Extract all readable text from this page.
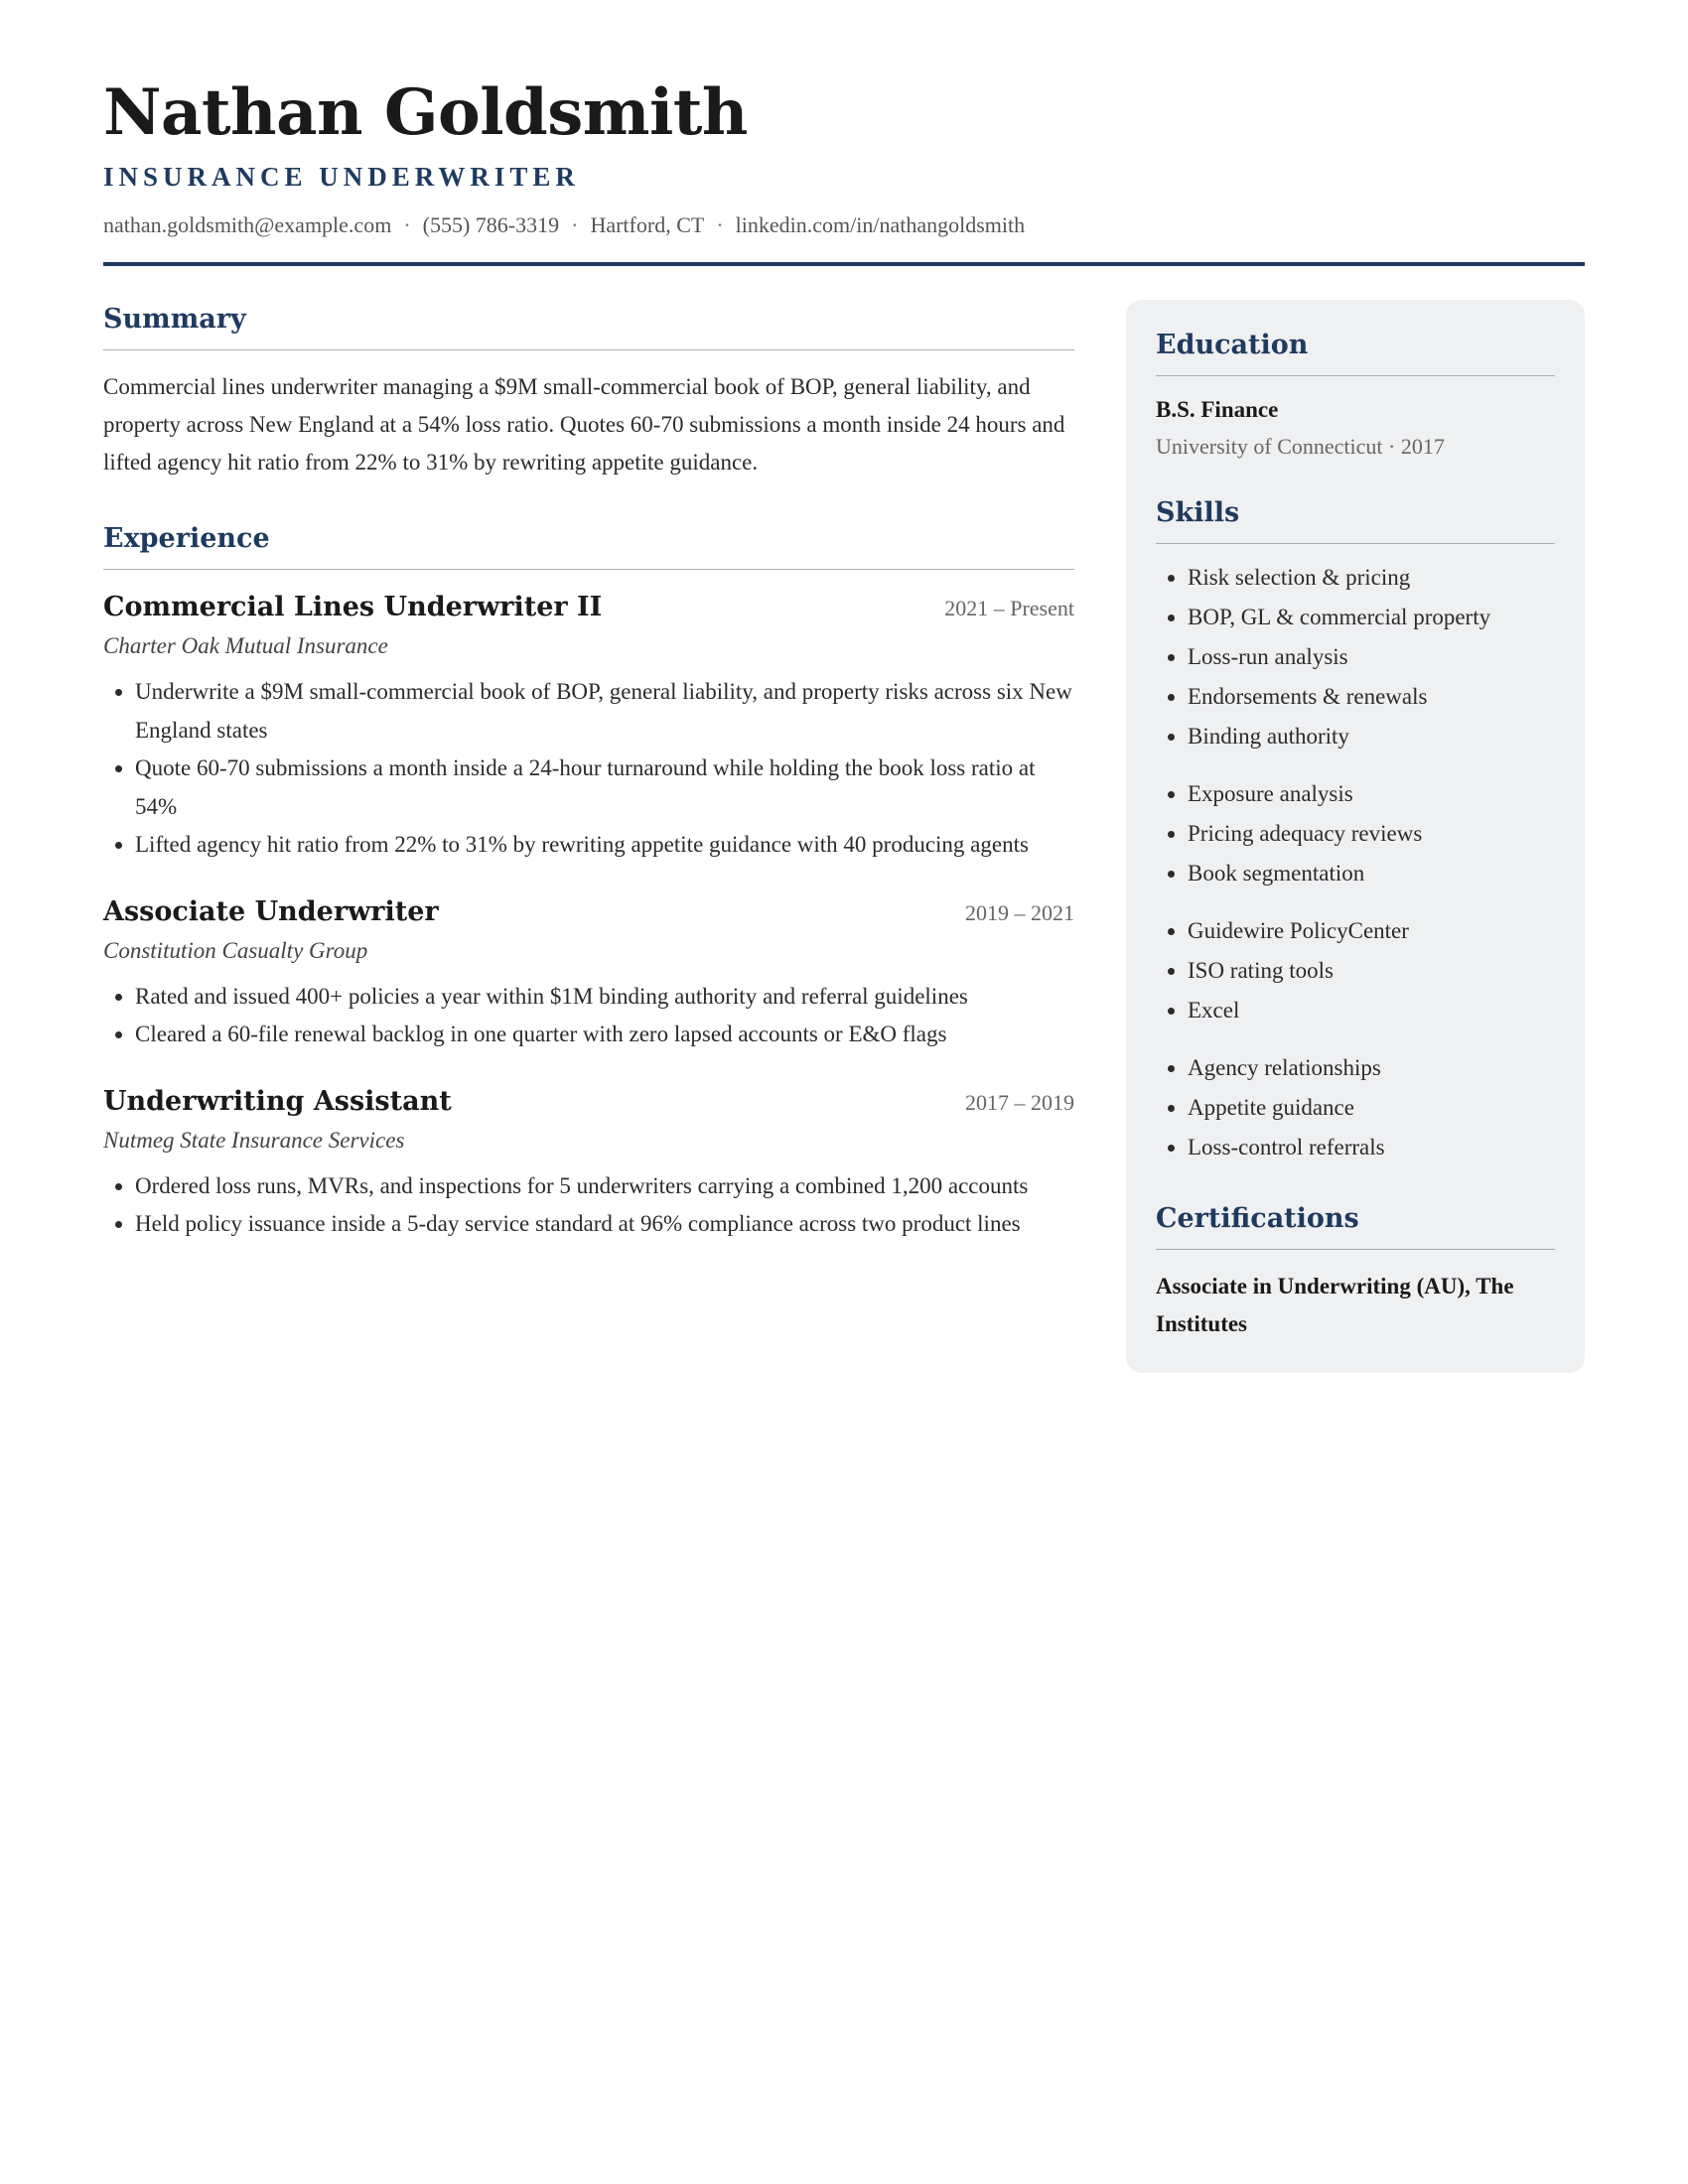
Nathan Goldsmith
INSURANCE UNDERWRITER
nathan.goldsmith@example.com · (555) 786-3319 · Hartford, CT · linkedin.com/in/nathangoldsmith
Summary
Commercial lines underwriter managing a $9M small-commercial book of BOP, general liability, and property across New England at a 54% loss ratio. Quotes 60-70 submissions a month inside 24 hours and lifted agency hit ratio from 22% to 31% by rewriting appetite guidance.
Experience
Commercial Lines Underwriter II	2021 – Present
Charter Oak Mutual Insurance
• Underwrite a $9M small-commercial book of BOP, general liability, and property risks across six New England states
• Quote 60-70 submissions a month inside a 24-hour turnaround while holding the book loss ratio at 54%
• Lifted agency hit ratio from 22% to 31% by rewriting appetite guidance with 40 producing agents
Associate Underwriter	2019 – 2021
Constitution Casualty Group
• Rated and issued 400+ policies a year within $1M binding authority and referral guidelines
• Cleared a 60-file renewal backlog in one quarter with zero lapsed accounts or E&O flags
Underwriting Assistant	2017 – 2019
Nutmeg State Insurance Services
• Ordered loss runs, MVRs, and inspections for 5 underwriters carrying a combined 1,200 accounts
• Held policy issuance inside a 5-day service standard at 96% compliance across two product lines
Education
B.S. Finance
University of Connecticut · 2017
Skills
• Risk selection & pricing
• BOP, GL & commercial property
• Loss-run analysis
• Endorsements & renewals
• Binding authority
• Exposure analysis
• Pricing adequacy reviews
• Book segmentation
• Guidewire PolicyCenter
• ISO rating tools
• Excel
• Agency relationships
• Appetite guidance
• Loss-control referrals
Certifications
Associate in Underwriting (AU), The Institutes
